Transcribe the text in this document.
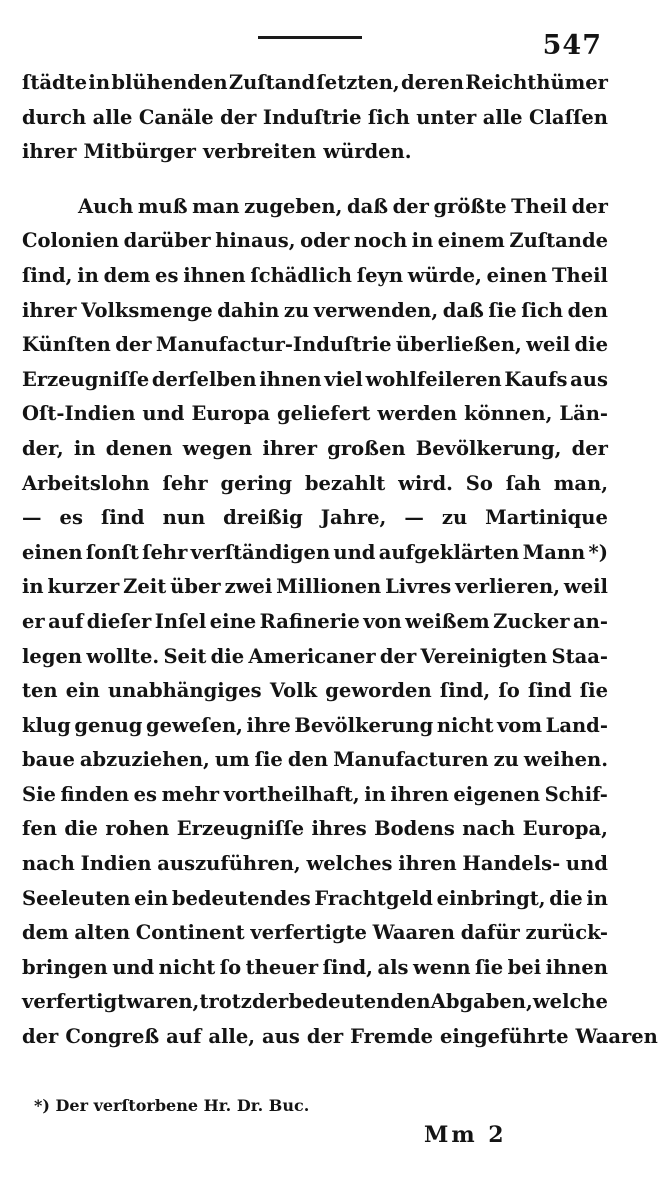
547
ſtädte in blühenden Zuſtand ſetzten, deren Reichthümer
durch alle Canäle der Induſtrie ſich unter alle Claſſen
ihrer Mitbürger verbreiten würden.
Auch muß man zugeben, daß der größte Theil der
Colonien darüber hinaus, oder noch in einem Zuſtande
ſind, in dem es ihnen ſchädlich ſeyn würde, einen Theil
ihrer Volksmenge dahin zu verwenden, daß ſie ſich den
Künſten der Manufactur-Induſtrie überließen, weil die
Erzeugniſſe derſelben ihnen viel wohlfeileren Kaufs aus
Oſt-Indien und Europa geliefert werden können, Län-
der, in denen wegen ihrer großen Bevölkerung, der
Arbeitslohn ſehr gering bezahlt wird. So ſah man,
— es ſind nun dreißig Jahre, — zu Martinique
einen ſonſt ſehr verſtändigen und aufgeklärten Mann *)
in kurzer Zeit über zwei Millionen Livres verlieren, weil
er auf dieſer Inſel eine Rafinerie von weißem Zucker an-
legen wollte. Seit die Americaner der Vereinigten Staa-
ten ein unabhängiges Volk geworden ſind, ſo ſind ſie
klug genug geweſen, ihre Bevölkerung nicht vom Land-
baue abzuziehen, um ſie den Manufacturen zu weihen.
Sie finden es mehr vortheilhaft, in ihren eigenen Schif-
fen die rohen Erzeugniſſe ihres Bodens nach Europa,
nach Indien auszuführen, welches ihren Handels- und
Seeleuten ein bedeutendes Frachtgeld einbringt, die in
dem alten Continent verfertigte Waaren dafür zurück-
bringen und nicht ſo theuer ſind, als wenn ſie bei ihnen
verfertigt waren, trotz der bedeutenden Abgaben, welche
der Congreß auf alle, aus der Fremde eingeführte Waaren
*) Der verſtorbene Hr. Dr. Buc.
Mm 2
